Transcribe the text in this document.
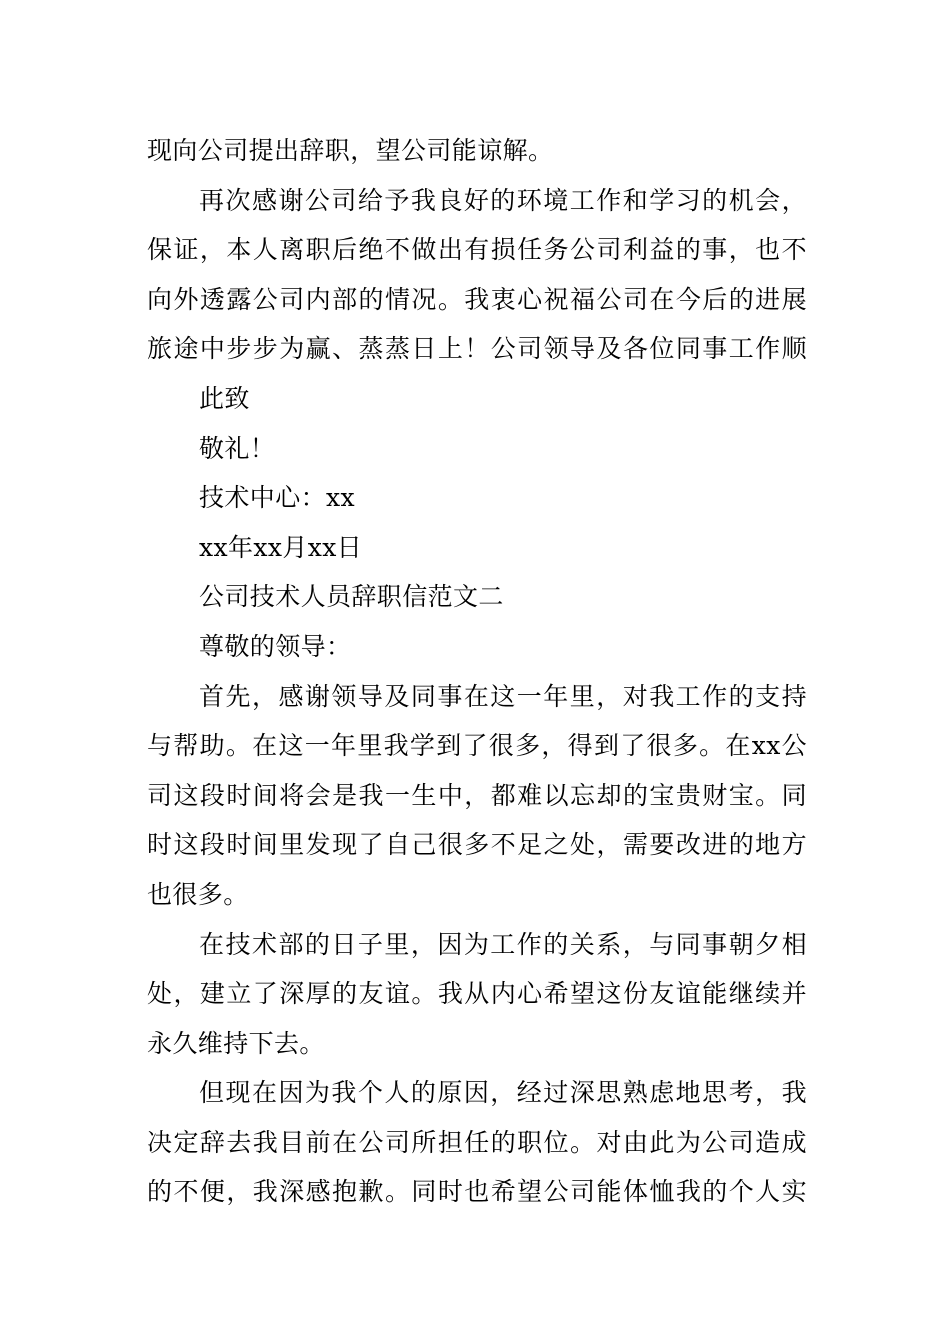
现向公司提出辞职，望公司能谅解。
再次感谢公司给予我良好的环境工作和学习的机会，
保证，本人离职后绝不做出有损任务公司利益的事，也不
向外透露公司内部的情况。我衷心祝福公司在今后的进展
旅途中步步为赢、蒸蒸日上！公司领导及各位同事工作顺
此致
敬礼！
技术中心：xx
xx年xx月xx日
公司技术人员辞职信范文二
尊敬的领导：
首先，感谢领导及同事在这一年里，对我工作的支持
与帮助。在这一年里我学到了很多，得到了很多。在xx公
司这段时间将会是我一生中，都难以忘却的宝贵财宝。同
时这段时间里发现了自己很多不足之处，需要改进的地方
也很多。
在技术部的日子里，因为工作的关系，与同事朝夕相
处，建立了深厚的友谊。我从内心希望这份友谊能继续并
永久维持下去。
但现在因为我个人的原因，经过深思熟虑地思考，我
决定辞去我目前在公司所担任的职位。对由此为公司造成
的不便，我深感抱歉。同时也希望公司能体恤我的个人实
